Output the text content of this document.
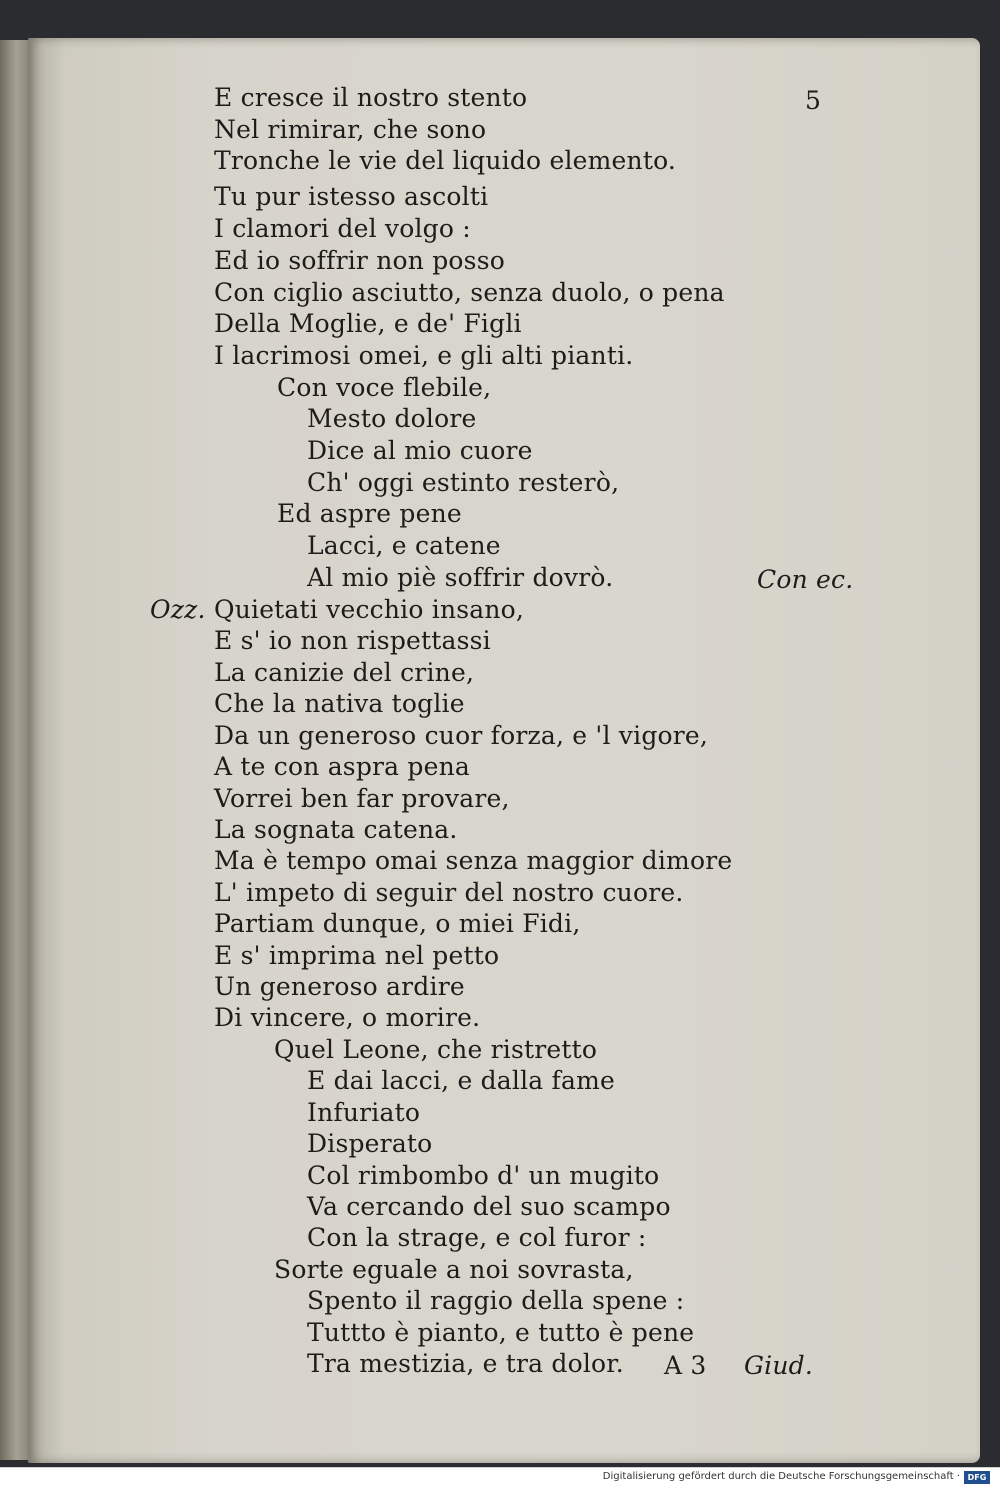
5
E cresce il nostro stento
Nel rimirar, che sono
Tronche le vie del liquido elemento.
Tu pur istesso ascolti
I clamori del volgo :
Ed io soffrir non posso
Con ciglio asciutto, senza duolo, o pena
Della Moglie, e de' Figli
I lacrimosi omei, e gli alti pianti.
Con voce flebile,
Mesto dolore
Dice al mio cuore
Ch' oggi estinto resterò,
Ed aspre pene
Lacci, e catene
Al mio piè soffrir dovrò.	Con ec.
Ozz. Quietati vecchio insano,
E s' io non rispettassi
La canizie del crine,
Che la nativa toglie
Da un generoso cuor forza, e 'l vigore,
A te con aspra pena
Vorrei ben far provare,
La sognata catena.
Ma è tempo omai senza maggior dimore
L' impeto di seguir del nostro cuore.
Partiam dunque, o miei Fidi,
E s' imprima nel petto
Un generoso ardire
Di vincere, o morire.
Quel Leone, che ristretto
E dai lacci, e dalla fame
Infuriato
Disperato
Col rimbombo d' un mugito
Va cercando del suo scampo
Con la strage, e col furor :
Sorte eguale a noi sovrasta,
Spento il raggio della spene :
Tuttto è pianto, e tutto è pene
Tra mestizia, e tra dolor. A 3 Giud.
Digitalisierung gefördert durch die Deutsche Forschungsgemeinschaft · DFG
